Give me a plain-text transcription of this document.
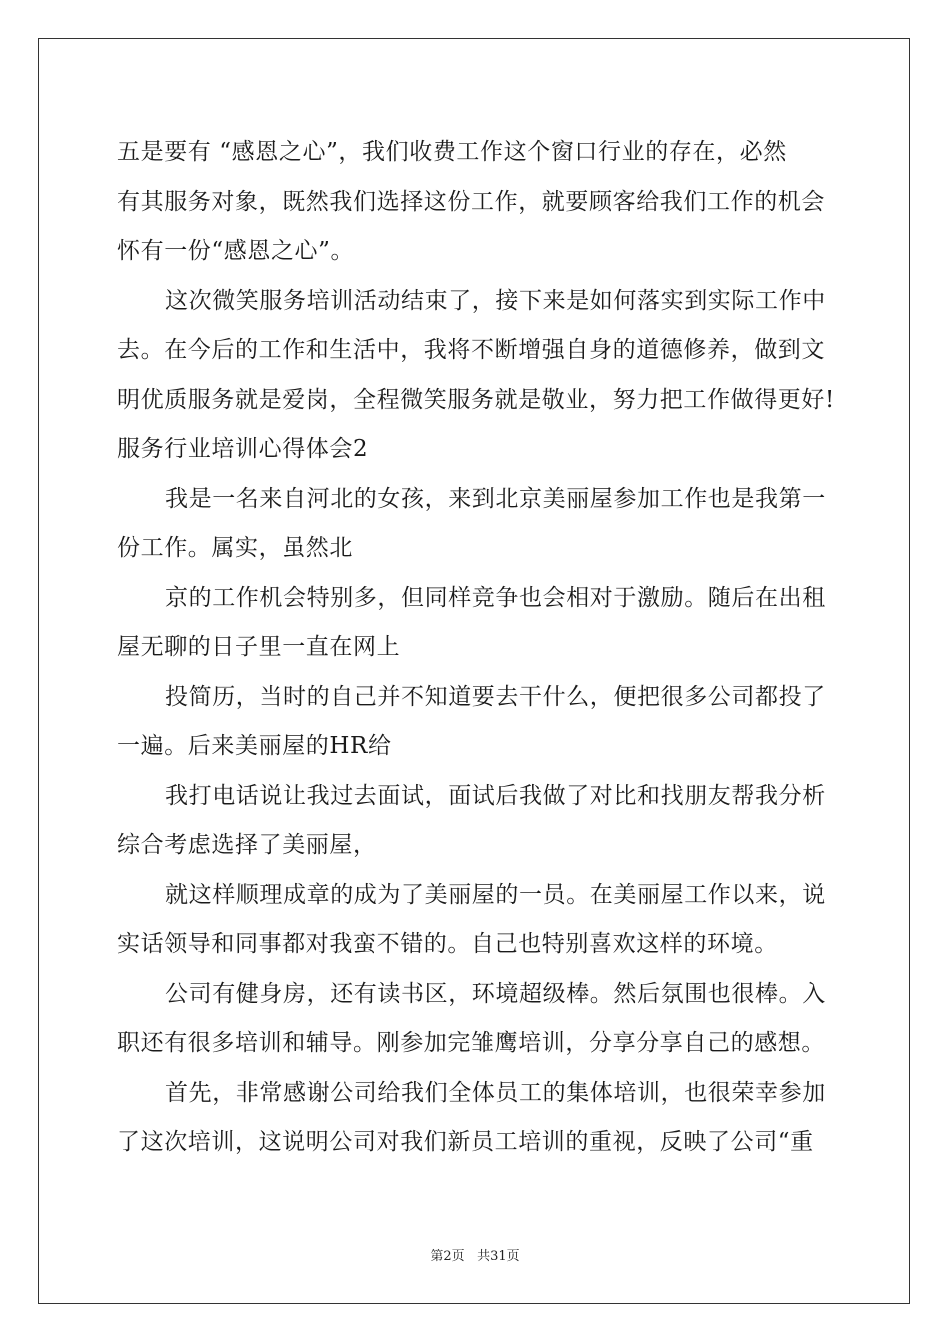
五是要有 “感恩之心”，我们收费工作这个窗口行业的存在，必然
有其服务对象，既然我们选择这份工作，就要顾客给我们工作的机会
怀有一份“感恩之心”。
这次微笑服务培训活动结束了，接下来是如何落实到实际工作中
去。在今后的工作和生活中，我将不断增强自身的道德修养，做到文
明优质服务就是爱岗，全程微笑服务就是敬业，努力把工作做得更好!
服务行业培训心得体会2
我是一名来自河北的女孩，来到北京美丽屋参加工作也是我第一
份工作。属实，虽然北
京的工作机会特别多，但同样竞争也会相对于激励。随后在出租
屋无聊的日子里一直在网上
投简历，当时的自己并不知道要去干什么，便把很多公司都投了
一遍。后来美丽屋的HR给
我打电话说让我过去面试，面试后我做了对比和找朋友帮我分析
综合考虑选择了美丽屋，
就这样顺理成章的成为了美丽屋的一员。在美丽屋工作以来，说
实话领导和同事都对我蛮不错的。自己也特别喜欢这样的环境。
公司有健身房，还有读书区，环境超级棒。然后氛围也很棒。入
职还有很多培训和辅导。刚参加完雏鹰培训，分享分享自己的感想。
首先，非常感谢公司给我们全体员工的集体培训，也很荣幸参加
了这次培训，这说明公司对我们新员工培训的重视，反映了公司“重
第2页 共31页
